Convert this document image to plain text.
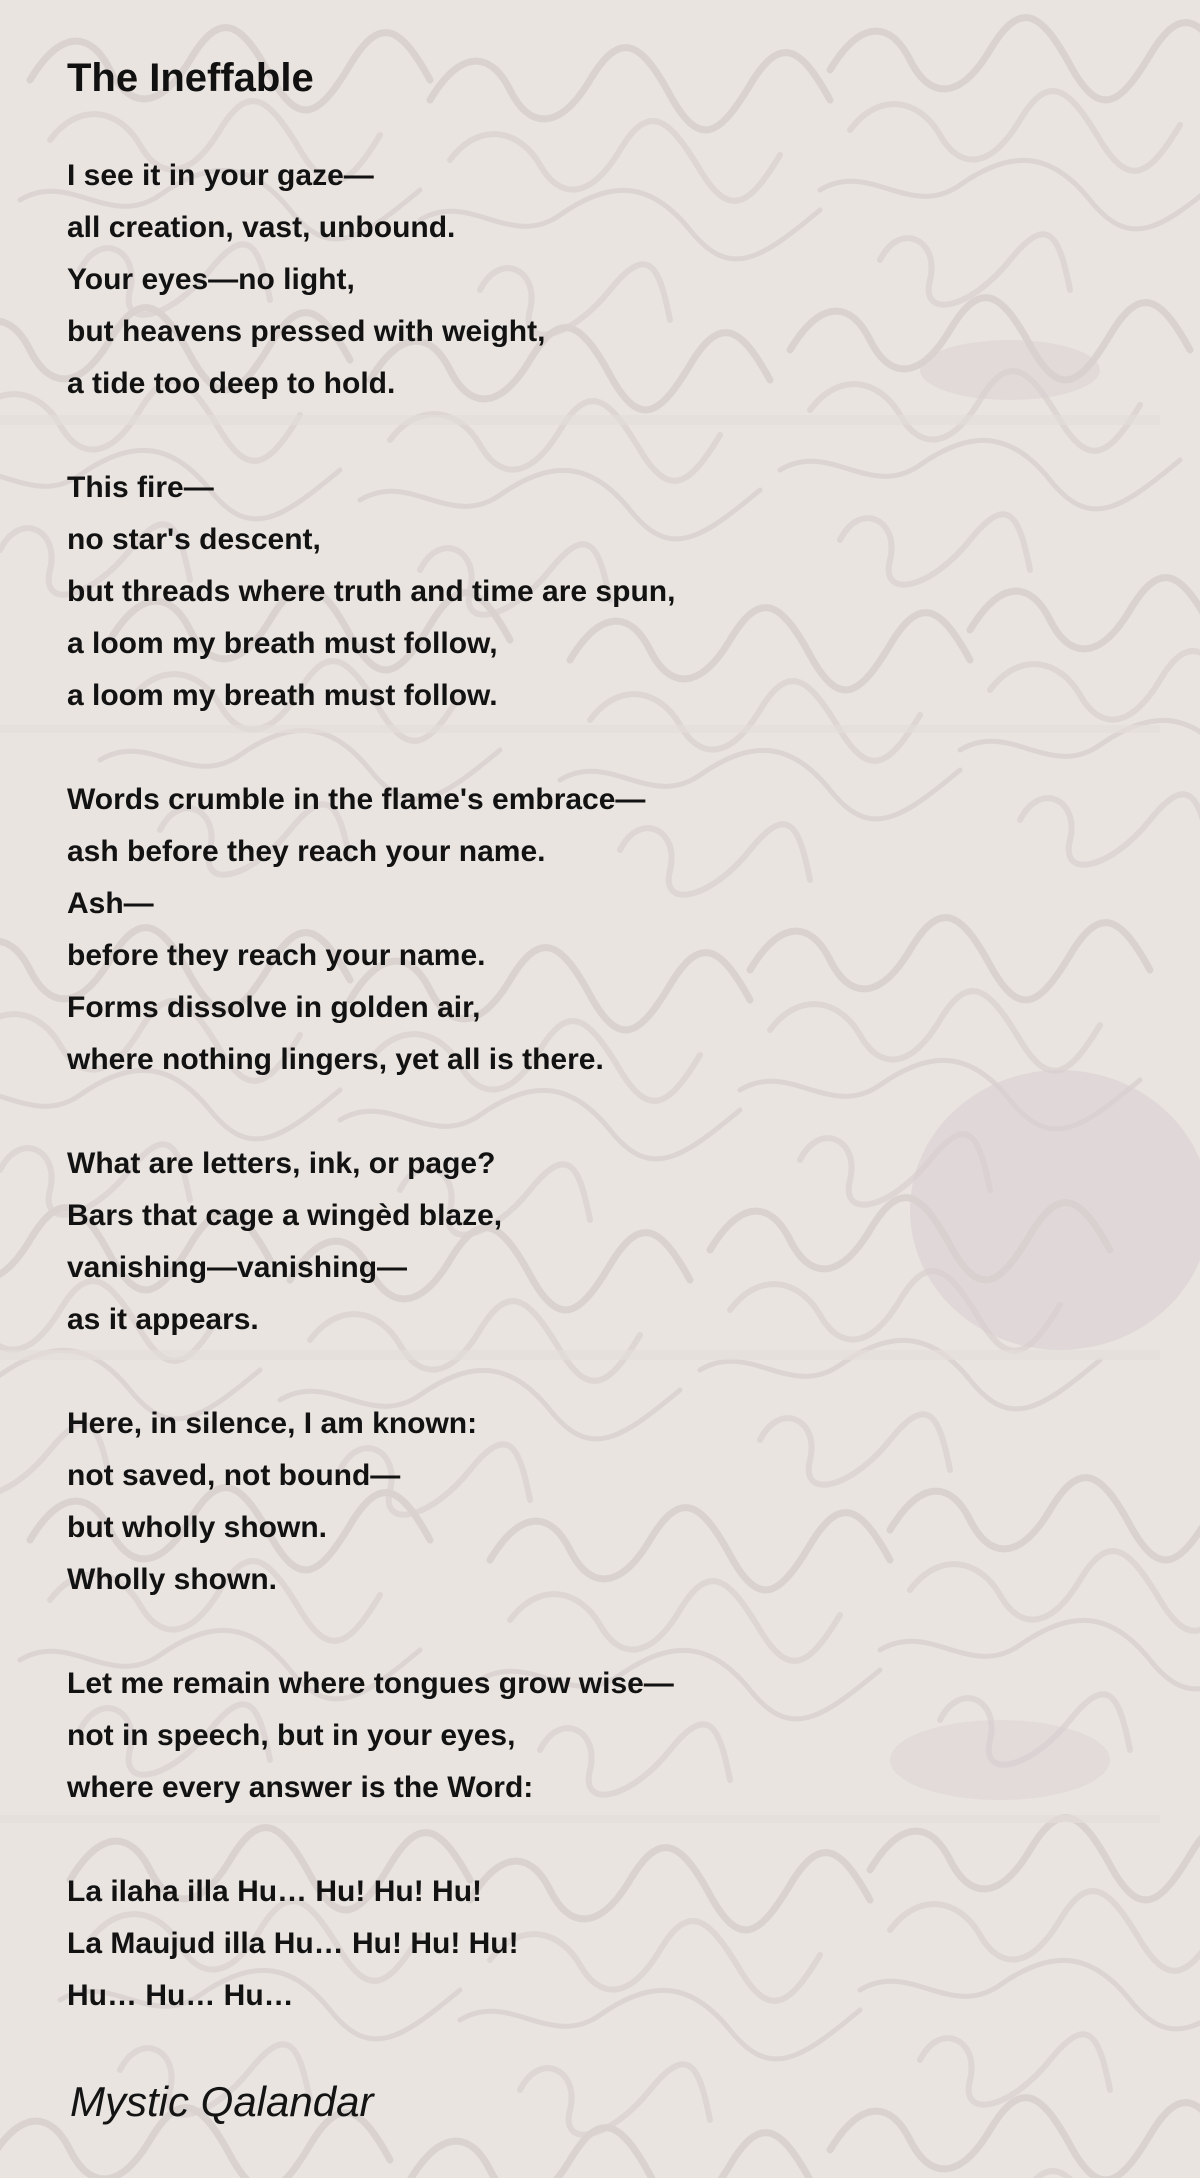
The Ineffable
I see it in your gaze—
all creation, vast, unbound.
Your eyes—no light,
but heavens pressed with weight,
a tide too deep to hold.
This fire—
no star's descent,
but threads where truth and time are spun,
a loom my breath must follow,
a loom my breath must follow.
Words crumble in the flame's embrace—
ash before they reach your name.
Ash—
before they reach your name.
Forms dissolve in golden air,
where nothing lingers, yet all is there.
What are letters, ink, or page?
Bars that cage a wingèd blaze,
vanishing—vanishing—
as it appears.
Here, in silence, I am known:
not saved, not bound—
but wholly shown.
Wholly shown.
Let me remain where tongues grow wise—
not in speech, but in your eyes,
where every answer is the Word:
La ilaha illa Hu… Hu! Hu! Hu!
La Maujud illa Hu… Hu! Hu! Hu!
Hu… Hu… Hu…
Mystic Qalandar
